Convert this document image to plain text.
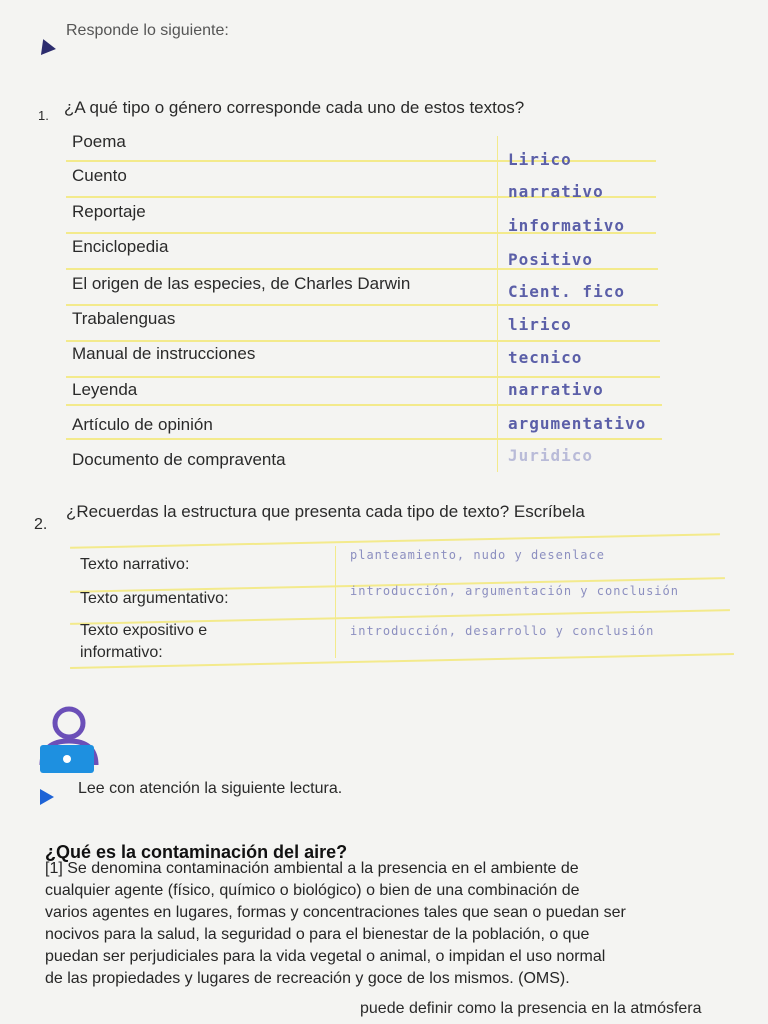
Responde lo siguiente:
1. ¿A qué tipo o género corresponde cada uno de estos textos?
Poema
Cuento
Reportaje
Enciclopedia
El origen de las especies, de Charles Darwin
Trabalenguas
Manual de instrucciones
Leyenda
Artículo de opinión
Documento de compraventa
Lirico
narrativo
informativo
Positivo
Cient. fico
lirico
tecnico
narrativo
argumentativo
Juridico
2.
¿Recuerdas la estructura que presenta cada tipo de texto? Escríbela
Texto narrativo:
Texto argumentativo:
Texto expositivo e informativo:
planteamiento, nudo y desenlace
introducción, argumentación y conclusión
introducción, desarrollo y conclusión
Lee con atención la siguiente lectura.
¿Qué es la contaminación del aire?
[1] Se denomina contaminación ambiental a la presencia en el ambiente de
cualquier agente (físico, químico o biológico) o bien de una combinación de
varios agentes en lugares, formas y concentraciones tales que sean o puedan ser
nocivos para la salud, la seguridad o para el bienestar de la población, o que
puedan ser perjudiciales para la vida vegetal o animal, o impidan el uso normal
de las propiedades y lugares de recreación y goce de los mismos. (OMS).
puede definir como la presencia en la atmósfera
